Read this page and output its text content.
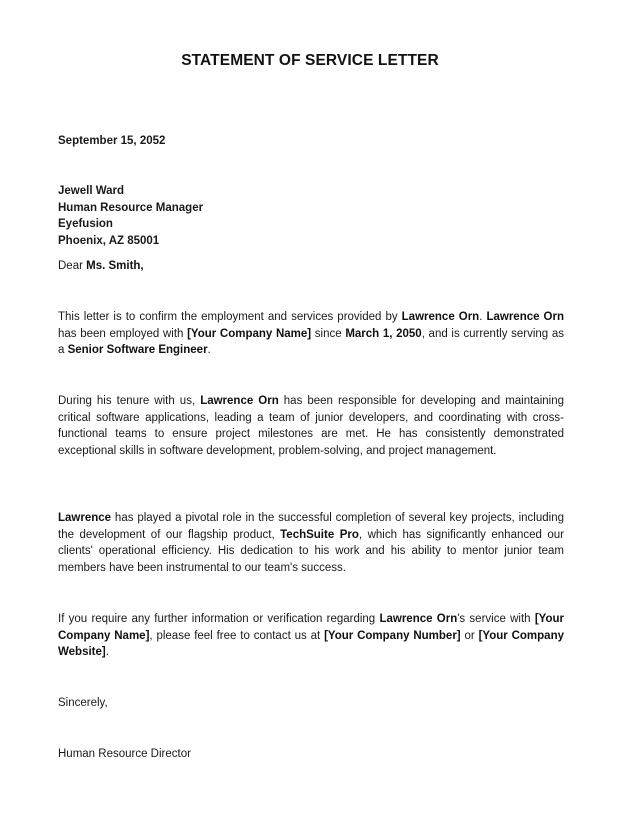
STATEMENT OF SERVICE LETTER

September 15, 2052

Jewell Ward
Human Resource Manager
Eyefusion
Phoenix, AZ 85001

Dear Ms. Smith,

This letter is to confirm the employment and services provided by Lawrence Orn. Lawrence Orn has been employed with [Your Company Name] since March 1, 2050, and is currently serving as a Senior Software Engineer.

During his tenure with us, Lawrence Orn has been responsible for developing and maintaining critical software applications, leading a team of junior developers, and coordinating with cross-functional teams to ensure project milestones are met. He has consistently demonstrated exceptional skills in software development, problem-solving, and project management.

Lawrence has played a pivotal role in the successful completion of several key projects, including the development of our flagship product, TechSuite Pro, which has significantly enhanced our clients' operational efficiency. His dedication to his work and his ability to mentor junior team members have been instrumental to our team's success.

If you require any further information or verification regarding Lawrence Orn's service with [Your Company Name], please feel free to contact us at [Your Company Number] or [Your Company Website].

Sincerely,

Human Resource Director
